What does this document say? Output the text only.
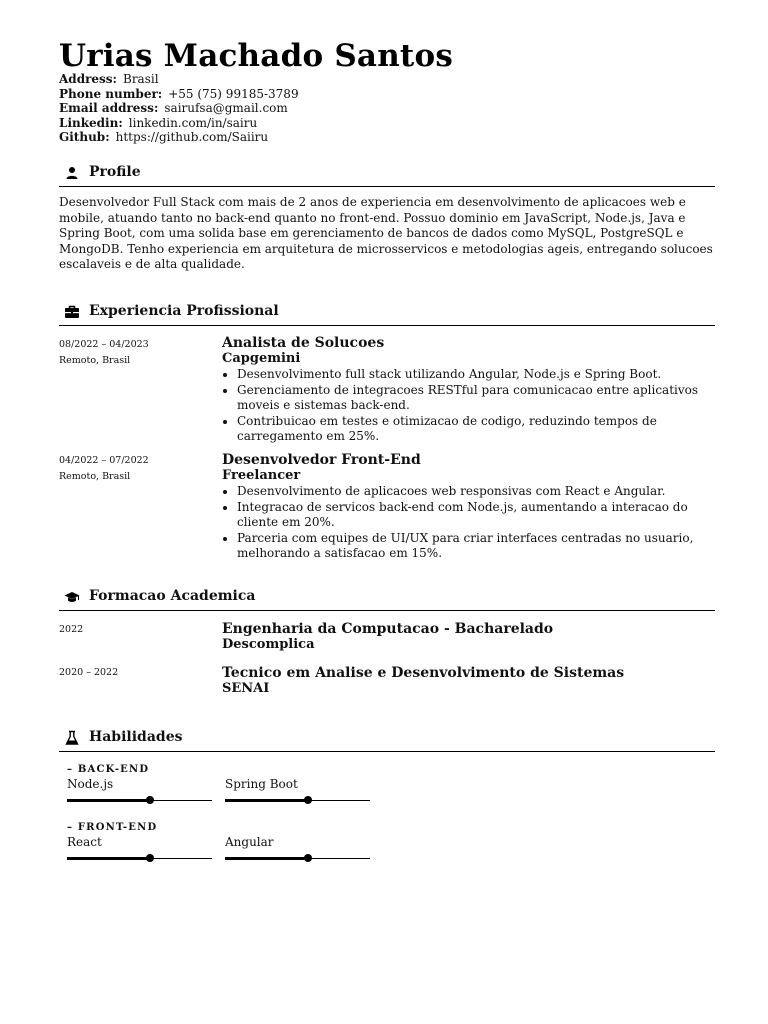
Urias Machado Santos
Address: Brasil
Phone number: +55 (75) 99185-3789
Email address: sairufsa@gmail.com
Linkedin: linkedin.com/in/sairu
Github: https://github.com/Saiiru
Profile
Desenvolvedor Full Stack com mais de 2 anos de experiencia em desenvolvimento de aplicacoes web e mobile, atuando tanto no back-end quanto no front-end. Possuo dominio em JavaScript, Node.js, Java e Spring Boot, com uma solida base em gerenciamento de bancos de dados como MySQL, PostgreSQL e MongoDB. Tenho experiencia em arquitetura de microsservicos e metodologias ageis, entregando solucoes escalaveis e de alta qualidade.
Experiencia Profissional
08/2022 – 04/2023
Remoto, Brasil
Analista de Solucoes
Capgemini
• Desenvolvimento full stack utilizando Angular, Node.js e Spring Boot.
• Gerenciamento de integracoes RESTful para comunicacao entre aplicativos moveis e sistemas back-end.
• Contribuicao em testes e otimizacao de codigo, reduzindo tempos de carregamento em 25%.
04/2022 – 07/2022
Remoto, Brasil
Desenvolvedor Front-End
Freelancer
• Desenvolvimento de aplicacoes web responsivas com React e Angular.
• Integracao de servicos back-end com Node.js, aumentando a interacao do cliente em 20%.
• Parceria com equipes de UI/UX para criar interfaces centradas no usuario, melhorando a satisfacao em 15%.
Formacao Academica
2022	Engenharia da Computacao - Bacharelado
Descomplica
2020 – 2022	Tecnico em Analise e Desenvolvimento de Sistemas
SENAI
Habilidades
– BACK-END
Node.js	Spring Boot
– FRONT-END
React	Angular
